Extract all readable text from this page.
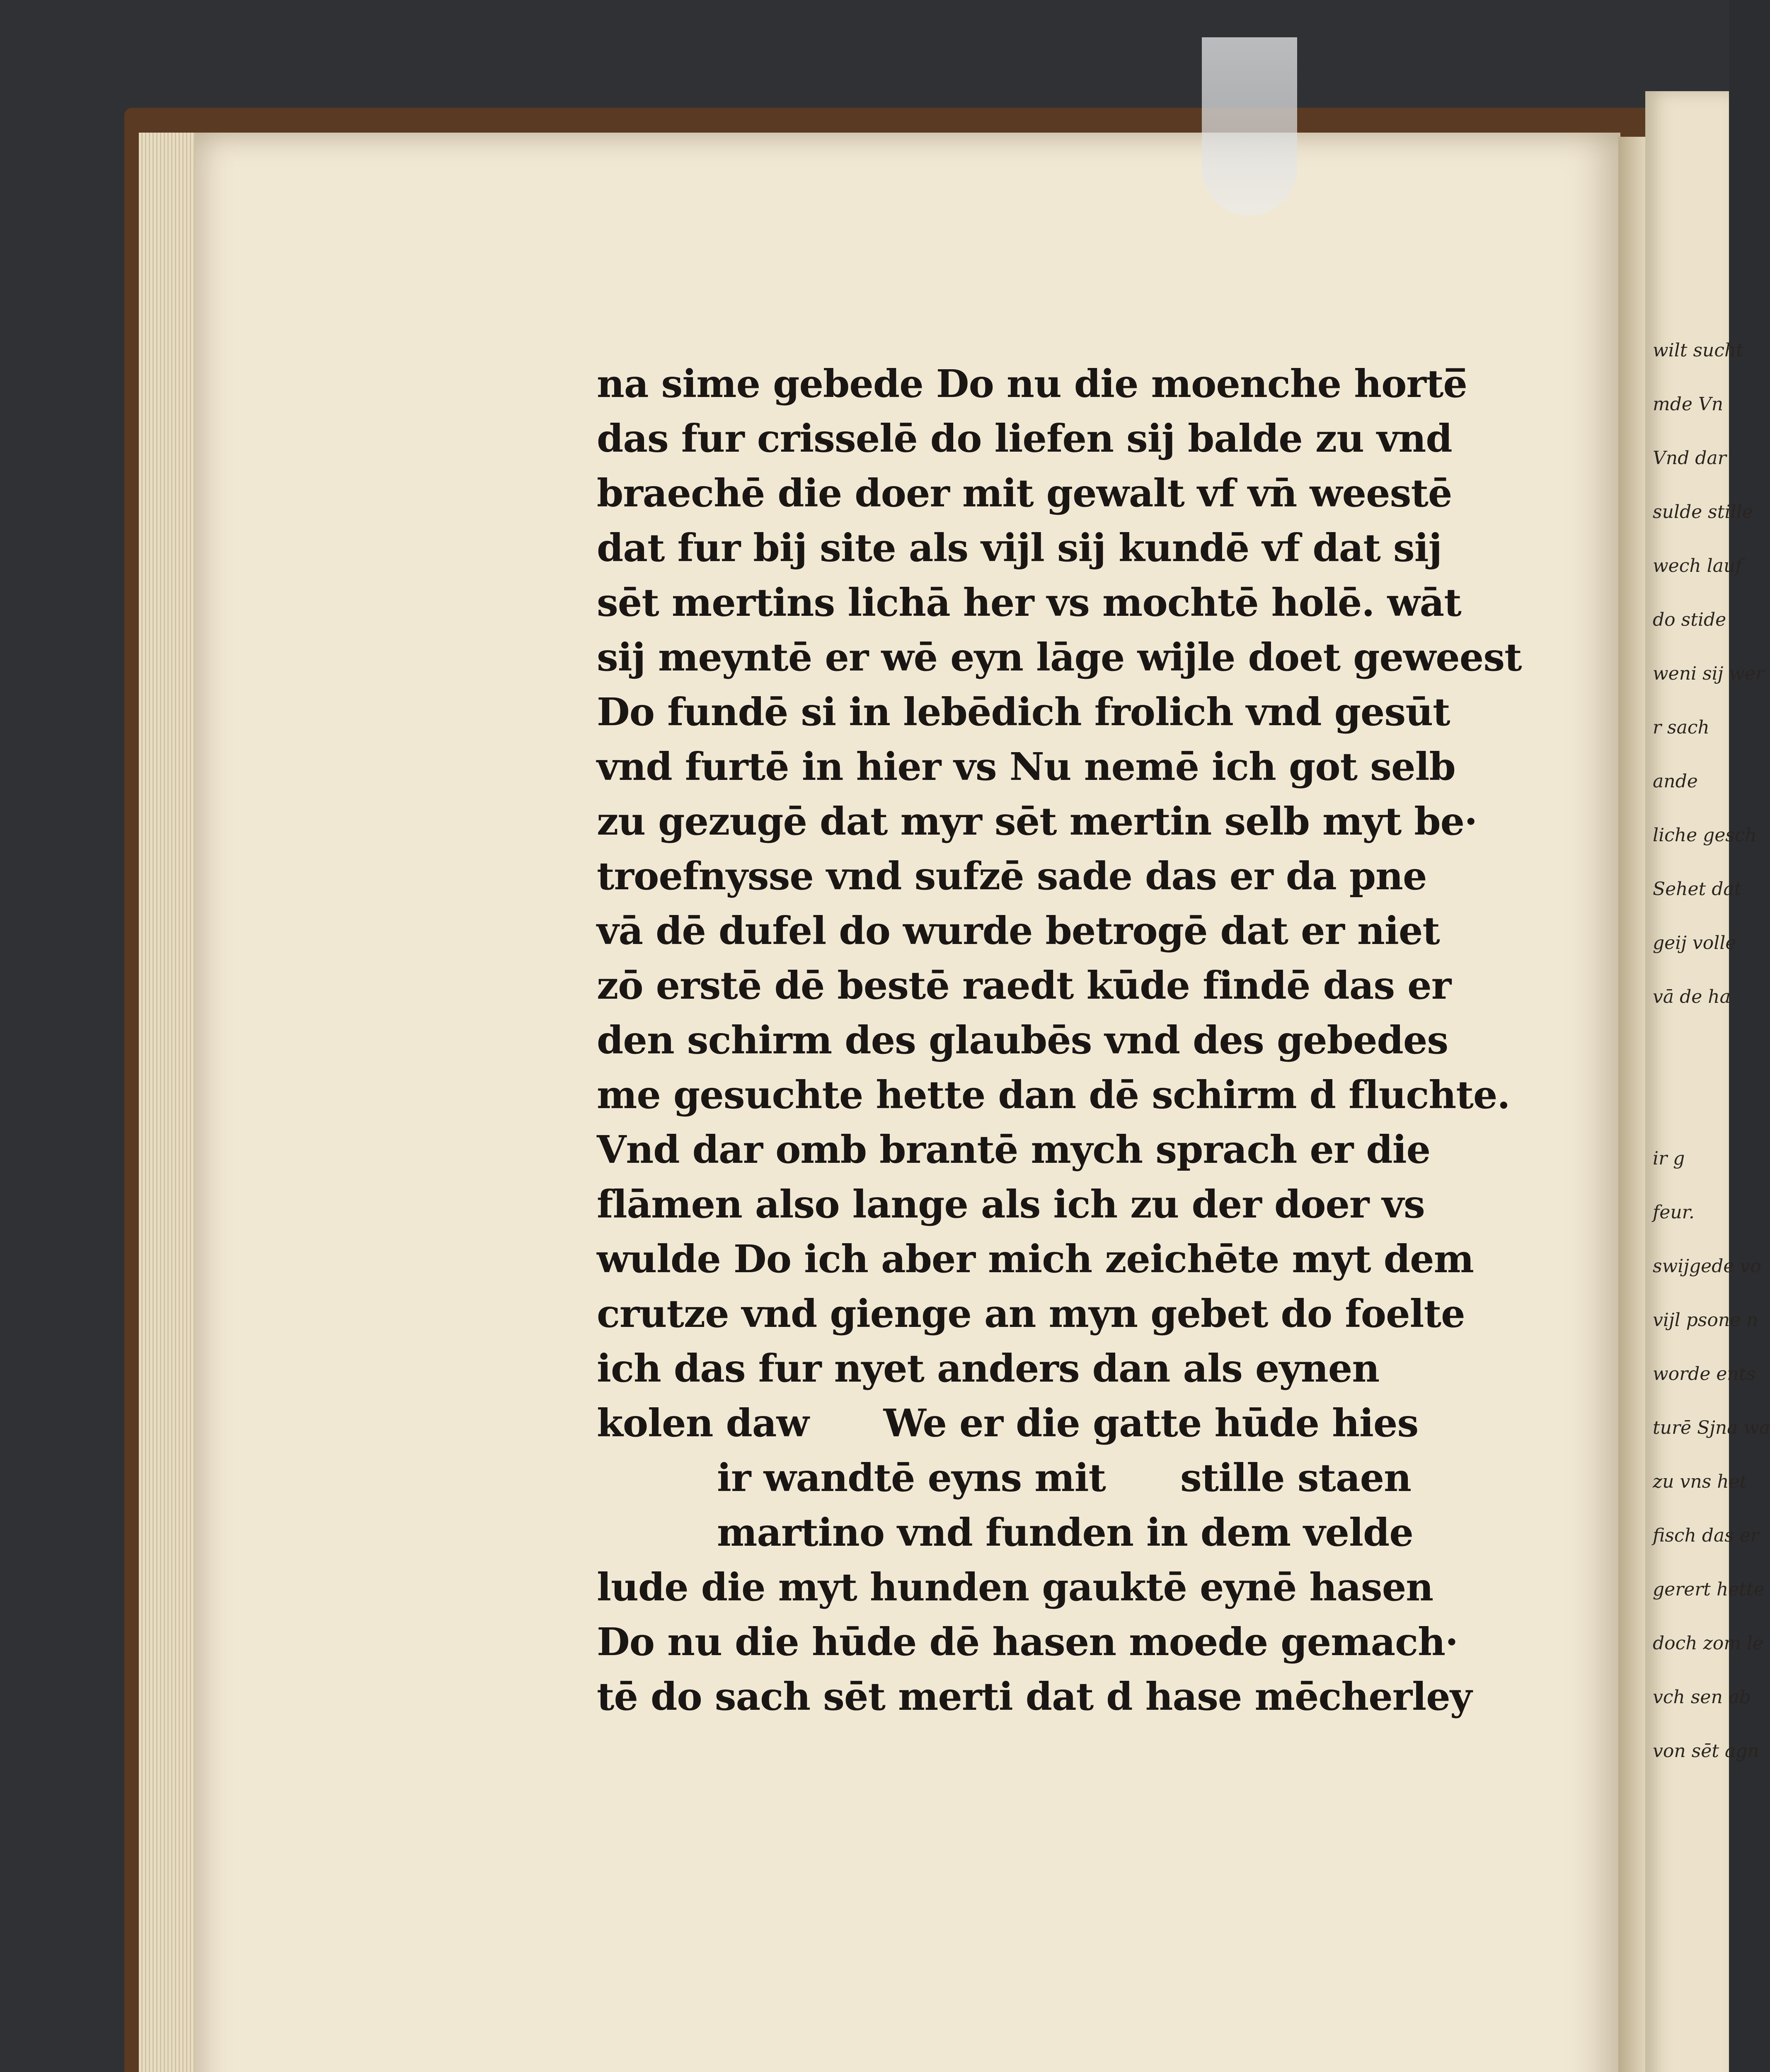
wilt sucht
mde Vn
Vnd dar
sulde stille
wech lauf
do stide
weni sij wer
r sach
ande
liche gesch
Sehet dat
geij volle
vā de ha
ir g
feur.
swijgede vo
vijl psone n
worde ents
turē Sjna wa
zu vns het
fisch das er
gerert hette
doch zom le
vch sen ab
von sēt agn
na sime gebede Do nu die moenche horte̅
das fur crisselē do liefen sij balde zu vnd
braechē die doer mit gewalt vf vn̄ weestē
dat fur bij site als vijl sij kundē vf dat sij
sēt mertins lichā her vs mochtē holē. wāt
sij meyntē er wē eyn lāge wijle doet geweest
Do fundē si in lebēdich frolich vnd gesūt
vnd furtē in hier vs Nu nemē ich got selb
zu gezugē dat myr sēt mertin selb myt be·
troefnysse vnd sufzē sade das er da pne
vā dē dufel do wurde betrogē dat er niet
zō erstē dē bestē raedt kūde findē das er
den schirm des glaubēs vnd des gebedes
me gesuchte hette dan dē schirm d fluchte.
Vnd dar omb brantē mych sprach er die
flāmen also lange als ich zu der doer vs
wulde Do ich aber mich zeichēte myt dem
crutze vnd gienge an myn gebet do foelte
ich das fur nyet anders dan als eynen
kolen daw We er die gatte hūde hies
ir wandtē eyns mit stille staen
martino vnd funden in dem velde
lude die myt hunden gauktē eynē hasen
Do nu die hūde dē hasen moede gemach·
tē do sach sēt merti dat d hase mēcherley
